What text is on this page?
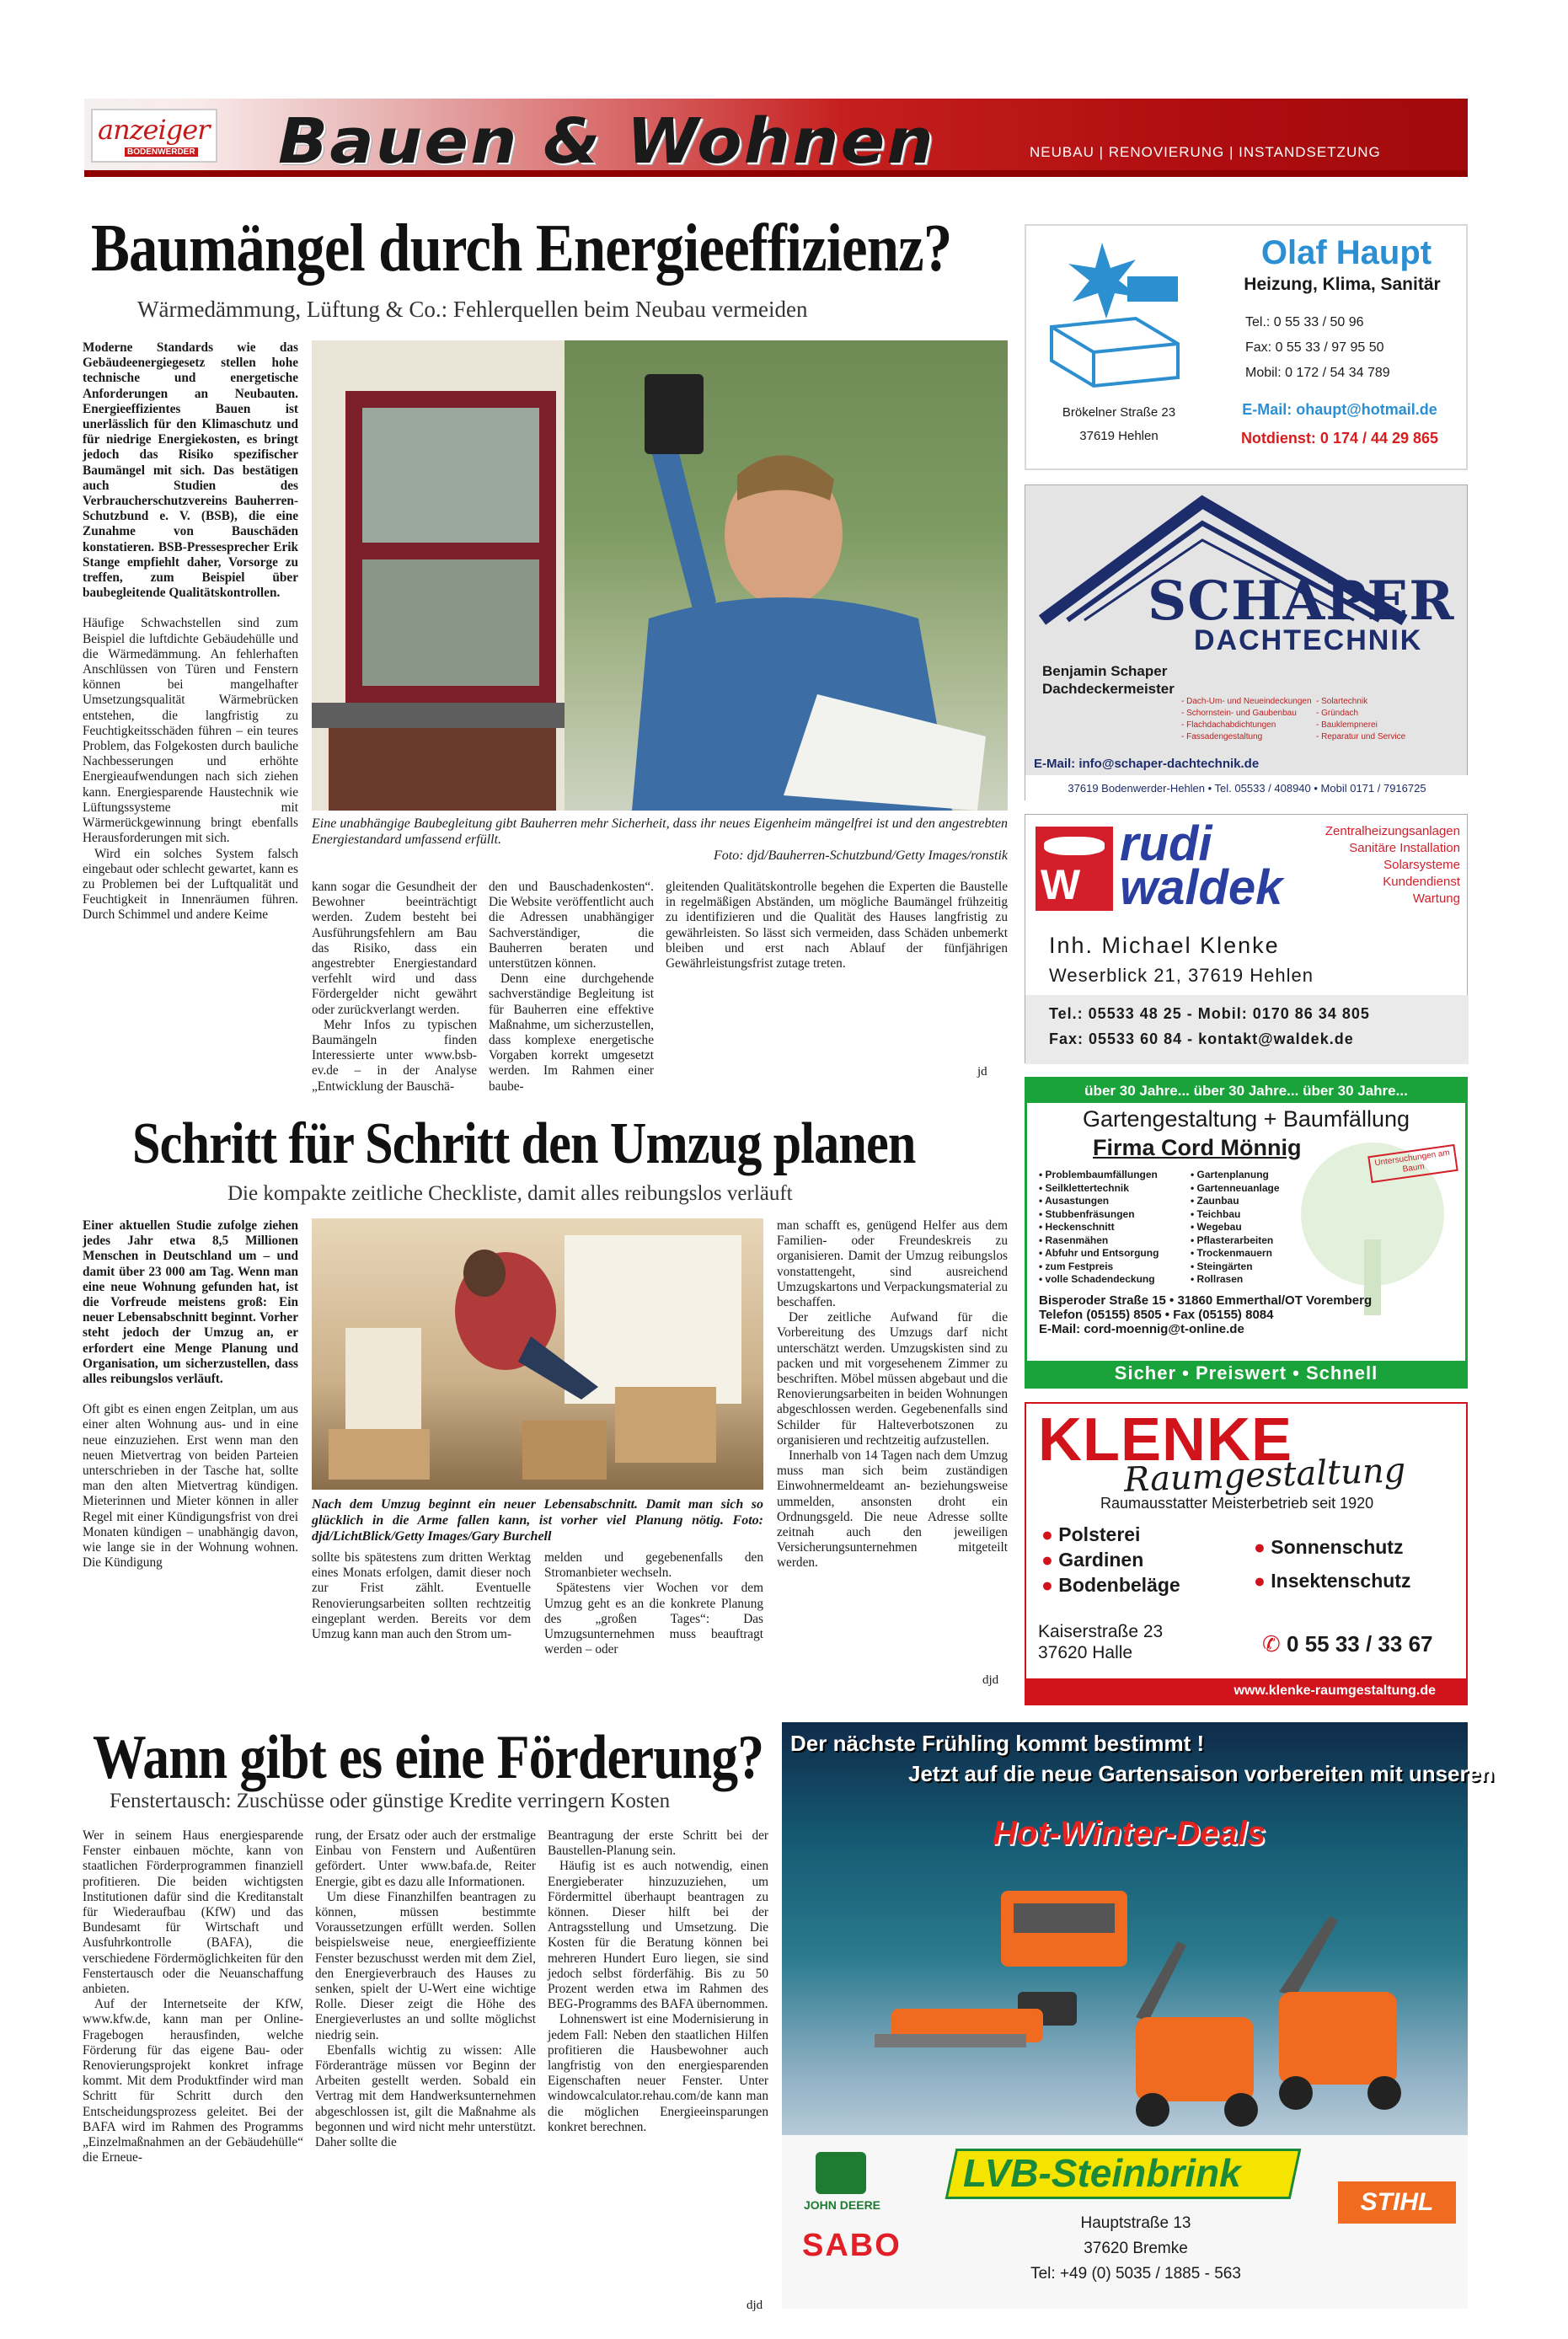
anzeiger
BODENWERDER Bauen & Wohnen	NEUBAU | RENOVIERUNG | INSTANDSETZUNG
Baumängel durch Energieeffizienz?
Wärmedämmung, Lüftung & Co.: Fehlerquellen beim Neubau vermeiden

Moderne Standards wie das Gebäudeenergiegesetz stellen hohe technische und energetische Anforderungen an Neubauten. Energieeffizientes Bauen ist unerlässlich für den Klimaschutz und für niedrige Energiekosten, es bringt jedoch das Risiko spezifischer Baumängel mit sich. Das bestätigen auch Studien des Verbraucherschutzvereins Bauherren-Schutzbund e. V. (BSB), die eine Zunahme von Bauschäden konstatieren. BSB-Pressesprecher Erik Stange empfiehlt daher, Vorsorge zu treffen, zum Beispiel über baubegleitende Qualitätskontrollen.

Häufige Schwachstellen sind zum Beispiel die luftdichte Gebäudehülle und die Wärmedämmung. An fehlerhaften Anschlüssen von Türen und Fenstern können bei mangelhafter Umsetzungsqualität Wärmebrücken entstehen, die langfristig zu Feuchtigkeitsschäden führen – ein teures Problem, das Folgekosten durch bauliche Nachbesserungen und erhöhte Energieaufwendungen nach sich ziehen kann. Energiesparende Haustechnik wie Lüftungssysteme mit Wärmerückgewinnung bringt ebenfalls Herausforderungen mit sich.

Wird ein solches System falsch eingebaut oder schlecht gewartet, kann es zu Problemen bei der Luftqualität und Feuchtigkeit in Innenräumen führen. Durch Schimmel und andere Keime

Eine unabhängige Baubegleitung gibt Bauherren mehr Sicherheit, dass ihr neues Eigenheim mängelfrei ist und den angestrebten Energiestandard umfassend erfüllt.
Foto: djd/Bauherren-Schutzbund/Getty Images/ronstik

kann sogar die Gesundheit der Bewohner beeinträchtigt werden. Zudem besteht bei Ausführungsfehlern am Bau das Risiko, dass ein angestrebter Energiestandard verfehlt wird und dass Fördergelder nicht gewährt oder zurückverlangt werden.

Mehr Infos zu typischen Baumängeln finden Interessierte unter www.bsb-ev.de – in der Analyse „Entwicklung der Bauschä-

den und Bauschadenkosten“. Die Website veröffentlicht auch die Adressen unabhängiger Sachverständiger, die Bauherren beraten und unterstützen können.

Denn eine durchgehende sachverständige Begleitung ist für Bauherren eine effektive Maßnahme, um sicherzustellen, dass komplexe energetische Vorgaben korrekt umgesetzt werden. Im Rahmen einer baube-

gleitenden Qualitätskontrolle begehen die Experten die Baustelle in regelmäßigen Abständen, um mögliche Baumängel frühzeitig zu identifizieren und die Qualität des Hauses langfristig zu gewährleisten. So lässt sich vermeiden, dass Schäden unbemerkt bleiben und erst nach Ablauf der fünfjährigen Gewährleistungsfrist zutage treten.

jd
Schritt für Schritt den Umzug planen
Die kompakte zeitliche Checkliste, damit alles reibungslos verläuft

Einer aktuellen Studie zufolge ziehen jedes Jahr etwa 8,5 Millionen Menschen in Deutschland um – und damit über 23 000 am Tag. Wenn man eine neue Wohnung gefunden hat, ist die Vorfreude meistens groß: Ein neuer Lebensabschnitt beginnt. Vorher steht jedoch der Umzug an, er erfordert eine Menge Planung und Organisation, um sicherzustellen, dass alles reibungslos verläuft.

Oft gibt es einen engen Zeitplan, um aus einer alten Wohnung aus- und in eine neue einzuziehen. Erst wenn man den neuen Mietvertrag von beiden Parteien unterschrieben in der Tasche hat, sollte man den alten Mietvertrag kündigen. Mieterinnen und Mieter können in aller Regel mit einer Kündigungsfrist von drei Monaten kündigen – unabhängig davon, wie lange sie in der Wohnung wohnen. Die Kündigung

Nach dem Umzug beginnt ein neuer Lebensabschnitt. Damit man sich so glücklich in die Arme fallen kann, ist vorher viel Planung nötig. Foto: djd/LichtBlick/Getty Images/Gary Burchell

sollte bis spätestens zum dritten Werktag eines Monats erfolgen, damit dieser noch zur Frist zählt. Eventuelle Renovierungsarbeiten sollten rechtzeitig eingeplant werden. Bereits vor dem Umzug kann man auch den Strom um-

melden und gegebenenfalls den Stromanbieter wechseln.

Spätestens vier Wochen vor dem Umzug geht es an die konkrete Planung des „großen Tages“: Das Umzugsunternehmen muss beauftragt werden – oder

man schafft es, genügend Helfer aus dem Familien- oder Freundeskreis zu organisieren. Damit der Umzug reibungslos vonstattengeht, sind ausreichend Umzugskartons und Verpackungsmaterial zu beschaffen.

Der zeitliche Aufwand für die Vorbereitung des Umzugs darf nicht unterschätzt werden. Umzugskisten sind zu packen und mit vorgesehenem Zimmer zu beschriften. Möbel müssen abgebaut und die Renovierungsarbeiten in beiden Wohnungen abgeschlossen werden. Gegebenenfalls sind Schilder für Halteverbotszonen zu organisieren und rechtzeitig aufzustellen.

Innerhalb von 14 Tagen nach dem Umzug muss man sich beim zuständigen Einwohnermeldeamt an- beziehungsweise ummelden, ansonsten droht ein Ordnungsgeld. Die neue Adresse sollte zeitnah auch den jeweiligen Versicherungsunternehmen mitgeteilt werden.

djd
Wann gibt es eine Förderung?
Fenstertausch: Zuschüsse oder günstige Kredite verringern Kosten

Wer in seinem Haus energiesparende Fenster einbauen möchte, kann von staatlichen Förderprogrammen finanziell profitieren. Die beiden wichtigsten Institutionen dafür sind die Kreditanstalt für Wiederaufbau (KfW) und das Bundesamt für Wirtschaft und Ausfuhrkontrolle (BAFA), die verschiedene Fördermöglichkeiten für den Fenstertausch oder die Neuanschaffung anbieten.

Auf der Internetseite der KfW, www.kfw.de, kann man per Online-Fragebogen herausfinden, welche Förderung für das eigene Bau- oder Renovierungsprojekt konkret infrage kommt. Mit dem Produktfinder wird man Schritt für Schritt durch den Entscheidungsprozess geleitet. Bei der BAFA wird im Rahmen des Programms „Einzelmaßnahmen an der Gebäudehülle“ die Erneue-

rung, der Ersatz oder auch der erstmalige Einbau von Fenstern und Außentüren gefördert. Unter www.bafa.de, Reiter Energie, gibt es dazu alle Informationen.

Um diese Finanzhilfen beantragen zu können, müssen bestimmte Voraussetzungen erfüllt werden. Sollen beispielsweise neue, energieeffiziente Fenster bezuschusst werden mit dem Ziel, den Energieverbrauch des Hauses zu senken, spielt der U-Wert eine wichtige Rolle. Dieser zeigt die Höhe des Energieverlustes an und sollte möglichst niedrig sein.

Ebenfalls wichtig zu wissen: Alle Förderanträge müssen vor Beginn der Arbeiten gestellt werden. Sobald ein Vertrag mit dem Handwerksunternehmen abgeschlossen ist, gilt die Maßnahme als begonnen und wird nicht mehr unterstützt. Daher sollte die

Beantragung der erste Schritt bei der Baustellen-Planung sein.

Häufig ist es auch notwendig, einen Energieberater hinzuzuziehen, um Fördermittel überhaupt beantragen zu können. Dieser hilft bei der Antragsstellung und Umsetzung. Die Kosten für die Beratung können bei mehreren Hundert Euro liegen, sie sind jedoch selbst förderfähig. Bis zu 50 Prozent werden etwa im Rahmen des BEG-Programms des BAFA übernommen.

Lohnenswert ist eine Modernisierung in jedem Fall: Neben den staatlichen Hilfen profitieren die Hausbewohner auch langfristig von den energiesparenden Eigenschaften neuer Fenster. Unter windowcalculator.rehau.com/de kann man die möglichen Energieeinsparungen konkret berechnen.

djd
Olaf Haupt
Heizung, Klima, Sanitär
Tel.: 0 55 33 / 50 96
Fax: 0 55 33 / 97 95 50
Mobil: 0 172 / 54 34 789
Brökelner Straße 23
37619 Hehlen
E-Mail: ohaupt@hotmail.de
Notdienst: 0 174 / 44 29 865
SCHAPER
DACHTECHNIK
Benjamin Schaper
Dachdeckermeister
- Dach-Um- und Neueindeckungen
- Schornstein- und Gaubenbau
- Flachdachabdichtungen
- Fassadengestaltung
- Solartechnik
- Gründach
- Bauklempnerei
- Reparatur und Service
E-Mail: info@schaper-dachtechnik.de
37619 Bodenwerder-Hehlen • Tel. 05533 / 408940 • Mobil 0171 / 7916725
W
rudi
waldek
Zentralheizungsanlagen
Sanitäre Installation
Solarsysteme
Kundendienst
Wartung
Inh. Michael Klenke
Weserblick 21, 37619 Hehlen
Tel.: 05533 48 25 - Mobil: 0170 86 34 805
Fax: 05533 60 84 - kontakt@waldek.de
über 30 Jahre... über 30 Jahre... über 30 Jahre...
Gartengestaltung + Baumfällung
Firma Cord Mönnig	Untersuchungen am Baum
• Problembaumfällungen
• Seilklettertechnik
• Ausastungen
• Stubbenfräsungen
• Heckenschnitt
• Rasenmähen
• Abfuhr und Entsorgung
• zum Festpreis
• volle Schadendeckung
• Gartenplanung
• Gartenneuanlage
• Zaunbau
• Teichbau
• Wegebau
• Pflasterarbeiten
• Trockenmauern
• Steingärten
• Rollrasen
Bisperoder Straße 15 • 31860 Emmerthal/OT Voremberg
Telefon (05155) 8505 • Fax (05155) 8084
E-Mail: cord-moennig@t-online.de
Sicher • Preiswert • Schnell
KLENKE
Raumgestaltung
Raumausstatter Meisterbetrieb seit 1920
● Polsterei
● Gardinen
● Bodenbeläge
● Sonnenschutz
● Insektenschutz
Kaiserstraße 23
37620 Halle	✆ 0 55 33 / 33 67
www.klenke-raumgestaltung.de
Der nächste Frühling kommt bestimmt !
Jetzt auf die neue Gartensaison vorbereiten mit unseren
Hot-Winter-Deals
JOHN DEERE
SABO
LVB-Steinbrink
STIHL
Hauptstraße 13
37620 Bremke
Tel: +49 (0) 5035 / 1885 - 563
